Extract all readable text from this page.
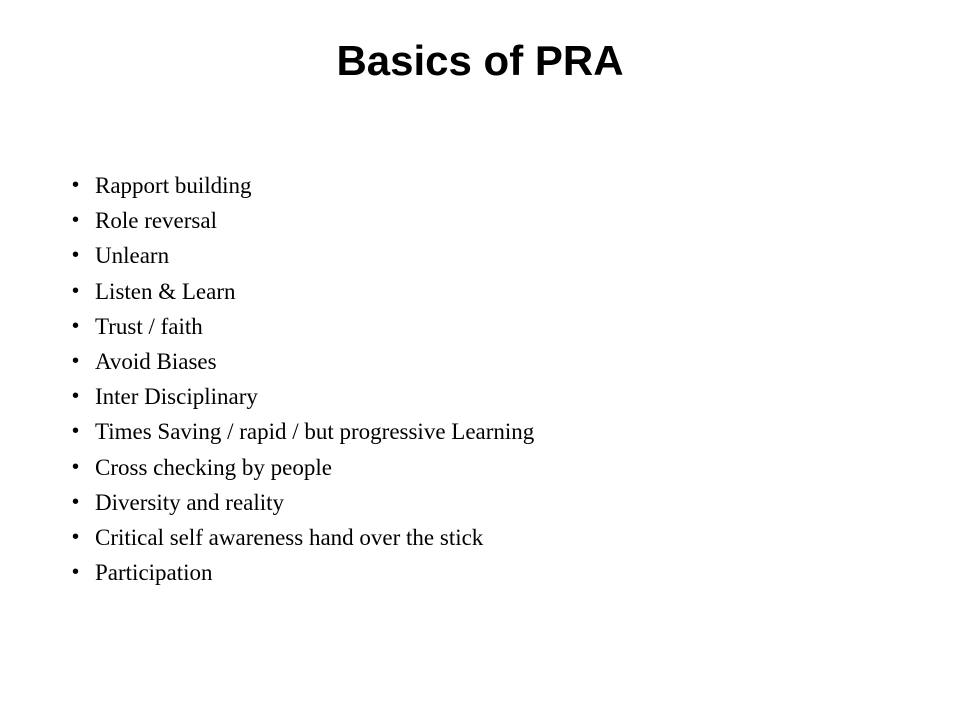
Basics of PRA
• Rapport building
• Role reversal
• Unlearn
• Listen & Learn
• Trust / faith
• Avoid Biases
• Inter Disciplinary
• Times Saving / rapid / but progressive Learning
• Cross checking by people
• Diversity and reality
• Critical self awareness hand over the stick
• Participation
